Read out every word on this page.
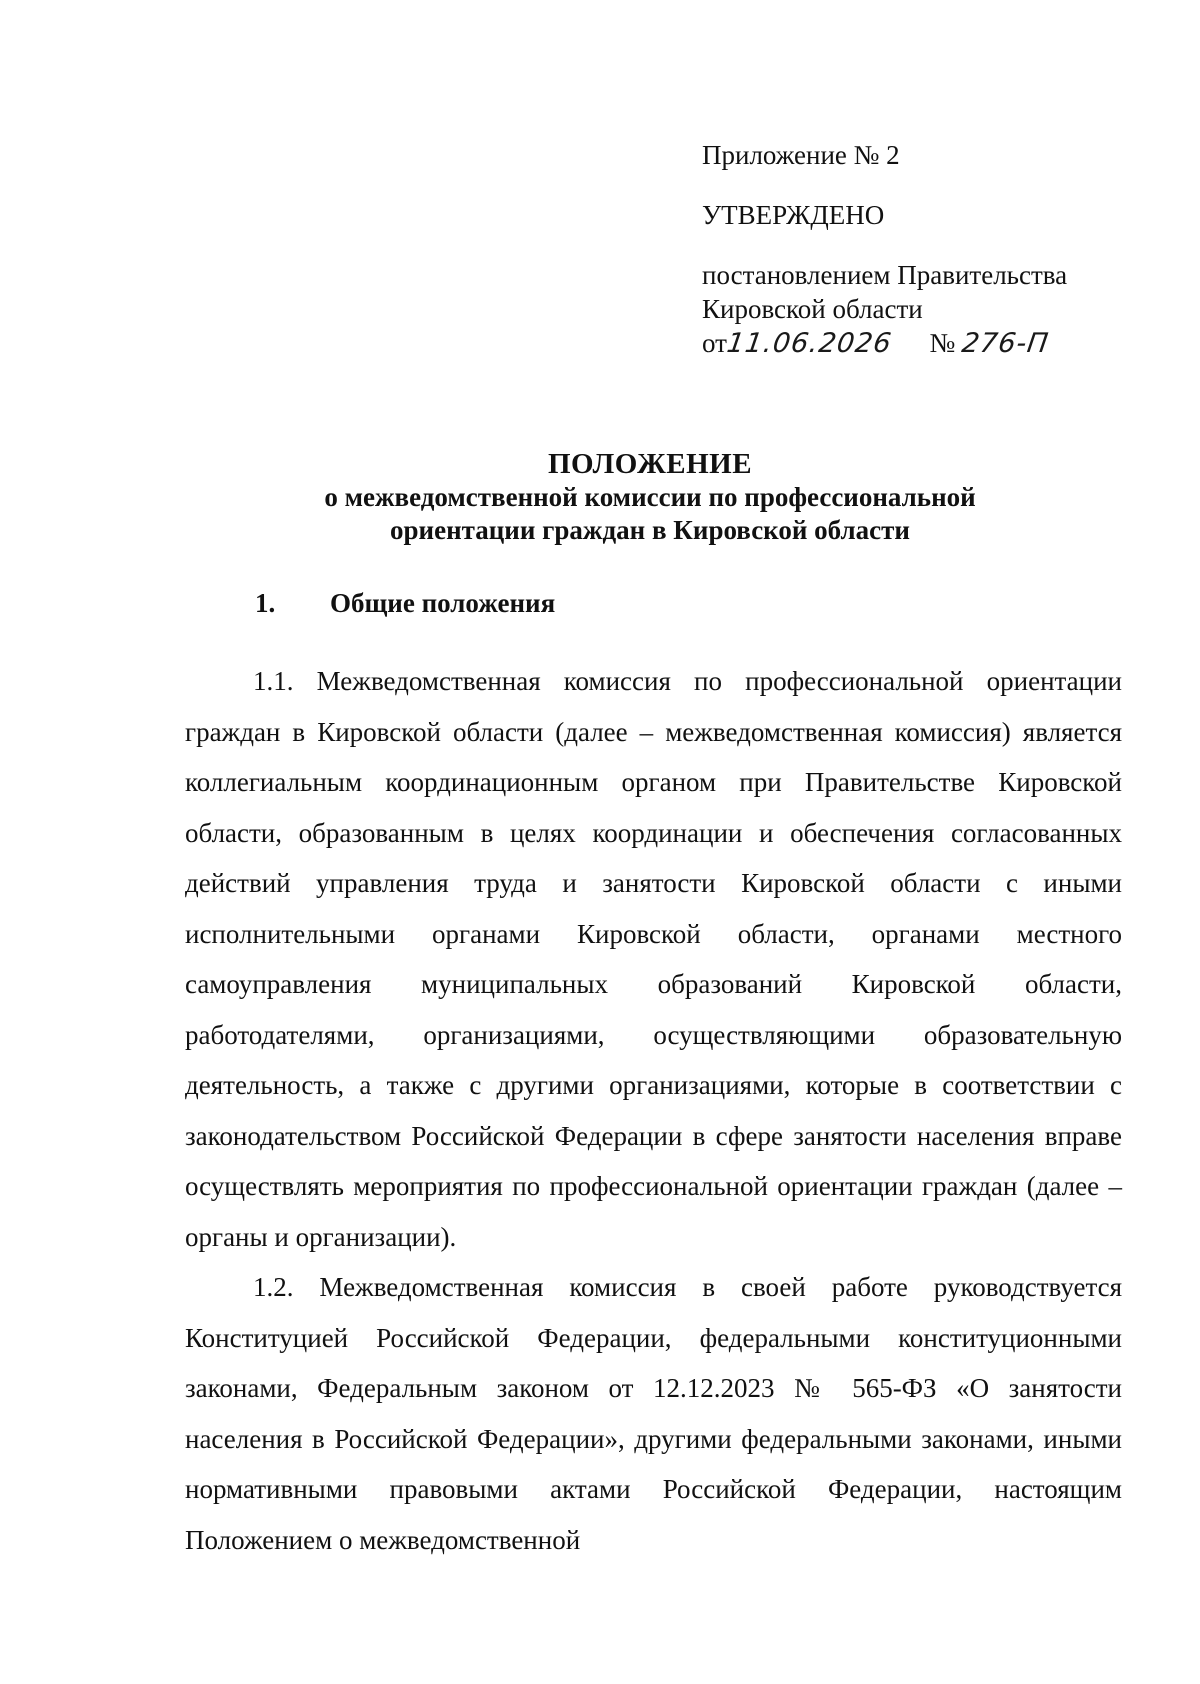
Приложение № 2
УТВЕРЖДЕНО
постановлением Правительства
Кировской области
от11.06.2026 № 276-П
ПОЛОЖЕНИЕ
о межведомственной комиссии по профессиональной
ориентации граждан в Кировской области
1. Общие положения

1.1. Межведомственная комиссия по профессиональной ориентации граждан в Кировской области (далее – межведомственная комиссия) является коллегиальным координационным органом при Правительстве Кировской области, образованным в целях координации и обеспечения согласованных действий управления труда и занятости Кировской области с иными исполнительными органами Кировской области, органами местного самоуправления муниципальных образований Кировской области, работодателями, организациями, осуществляющими образовательную деятельность, а также с другими организациями, которые в соответствии с законодательством Российской Федерации в сфере занятости населения вправе осуществлять мероприятия по профессиональной ориентации граждан (далее – органы и организации).

1.2. Межведомственная комиссия в своей работе руководствуется Конституцией Российской Федерации, федеральными конституционными законами, Федеральным законом от 12.12.2023 № 565-ФЗ «О занятости населения в Российской Федерации», другими федеральными законами, иными нормативными правовыми актами Российской Федерации, настоящим Положением о межведомственной
